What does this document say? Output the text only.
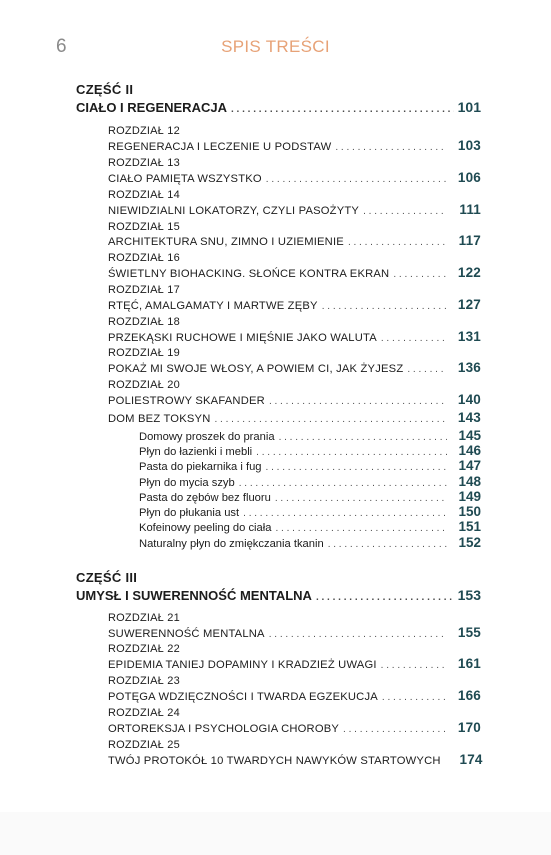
6	SPIS TREŚCI
CZĘŚĆ II
CIAŁO I REGENERACJA . . .	101
ROZDZIAŁ 12
REGENERACJA I LECZENIE U PODSTAW . . .	103
ROZDZIAŁ 13
CIAŁO PAMIĘTA WSZYSTKO . . .	106
ROZDZIAŁ 14
NIEWIDZIALNI LOKATORZY, CZYLI PASOŻYTY . . .	111
ROZDZIAŁ 15
ARCHITEKTURA SNU, ZIMNO I UZIEMIENIE . . .	117
ROZDZIAŁ 16
ŚWIETLNY BIOHACKING. SŁOŃCE KONTRA EKRAN . . .	122
ROZDZIAŁ 17
RTĘĆ, AMALGAMATY I MARTWE ZĘBY . . .	127
ROZDZIAŁ 18
PRZEKĄSKI RUCHOWE I MIĘŚNIE JAKO WALUTA . . .	131
ROZDZIAŁ 19
POKAŻ MI SWOJE WŁOSY, A POWIEM CI, JAK ŻYJESZ . . .	136
ROZDZIAŁ 20
POLIESTROWY SKAFANDER . . .	140
DOM BEZ TOKSYN . . .	143
Domowy proszek do prania . . .	145
Płyn do łazienki i mebli . . .	146
Pasta do piekarnika i fug . . .	147
Płyn do mycia szyb . . .	148
Pasta do zębów bez fluoru . . .	149
Płyn do płukania ust . . .	150
Kofeinowy peeling do ciała . . .	151
Naturalny płyn do zmiękczania tkanin . . .	152
CZĘŚĆ III
UMYSŁ I SUWERENNOŚĆ MENTALNA . . .	153
ROZDZIAŁ 21
SUWERENNOŚĆ MENTALNA . . .	155
ROZDZIAŁ 22
EPIDEMIA TANIEJ DOPAMINY I KRADZIEŻ UWAGI . . .	161
ROZDZIAŁ 23
POTĘGA WDZIĘCZNOŚCI I TWARDA EGZEKUCJA . . .	166
ROZDZIAŁ 24
ORTOREKSJA I PSYCHOLOGIA CHOROBY . . .	170
ROZDZIAŁ 25
TWÓJ PROTOKÓŁ 10 TWARDYCH NAWYKÓW STARTOWYCH	174
